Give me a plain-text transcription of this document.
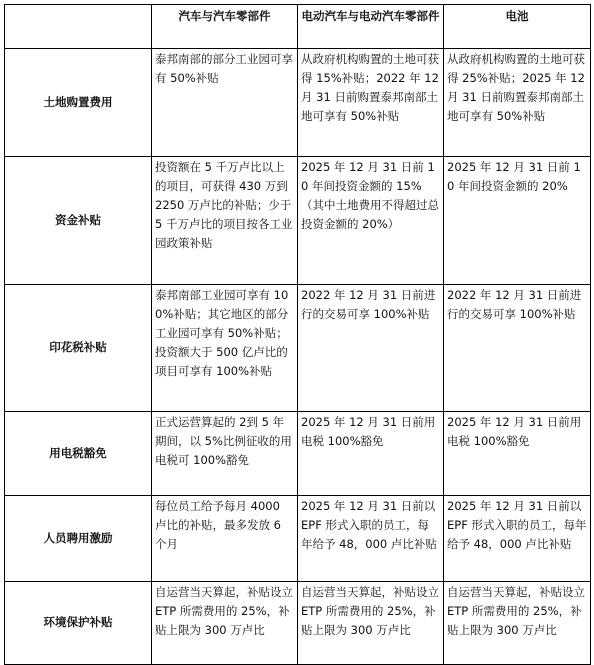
	汽车与汽车零部件	电动汽车与电动汽车零部件	电池
土地购置费用	泰邦南部的部分工业园可享有 50%补贴	从政府机构购置的土地可获得 15%补贴；2022 年 12 月 31 日前购置泰邦南部土地可享有 50%补贴	从政府机构购置的土地可获得 25%补贴；2025 年 12 月 31 日前购置泰邦南部土地可享有 50%补贴
资金补贴	投资额在 5 千万卢比以上的项目，可获得 430 万到 2250 万卢比的补贴；少于 5 千万卢比的项目按各工业园政策补贴	2025 年 12 月 31 日前 10 年间投资金额的 15%（其中土地费用不得超过总投资金额的 20%）	2025 年 12 月 31 日前 10 年间投资金额的 20%
印花税补贴	泰邦南部工业园可享有 100%补贴；其它地区的部分工业园可享有 50%补贴；投资额大于 500 亿卢比的项目可享有 100%补贴	2022 年 12 月 31 日前进行的交易可享 100%补贴	2022 年 12 月 31 日前进行的交易可享 100%补贴
用电税豁免	正式运营算起的 2到 5 年期间，以 5%比例征收的用电税可 100%豁免	2025 年 12 月 31 日前用电税 100%豁免	2025 年 12 月 31 日前用电税 100%豁免
人员聘用激励	每位员工给予每月 4000 卢比的补贴，最多发放 6 个月	2025 年 12 月 31 日前以 EPF 形式入职的员工，每年给予 48，000 卢比补贴	2025 年 12 月 31 日前以 EPF 形式入职的员工，每年给予 48，000 卢比补贴
环境保护补贴	自运营当天算起，补贴设立 ETP 所需费用的 25%，补贴上限为 300 万卢比	自运营当天算起，补贴设立 ETP 所需费用的 25%，补贴上限为 300 万卢比	自运营当天算起，补贴设立 ETP 所需费用的 25%，补贴上限为 300 万卢比
